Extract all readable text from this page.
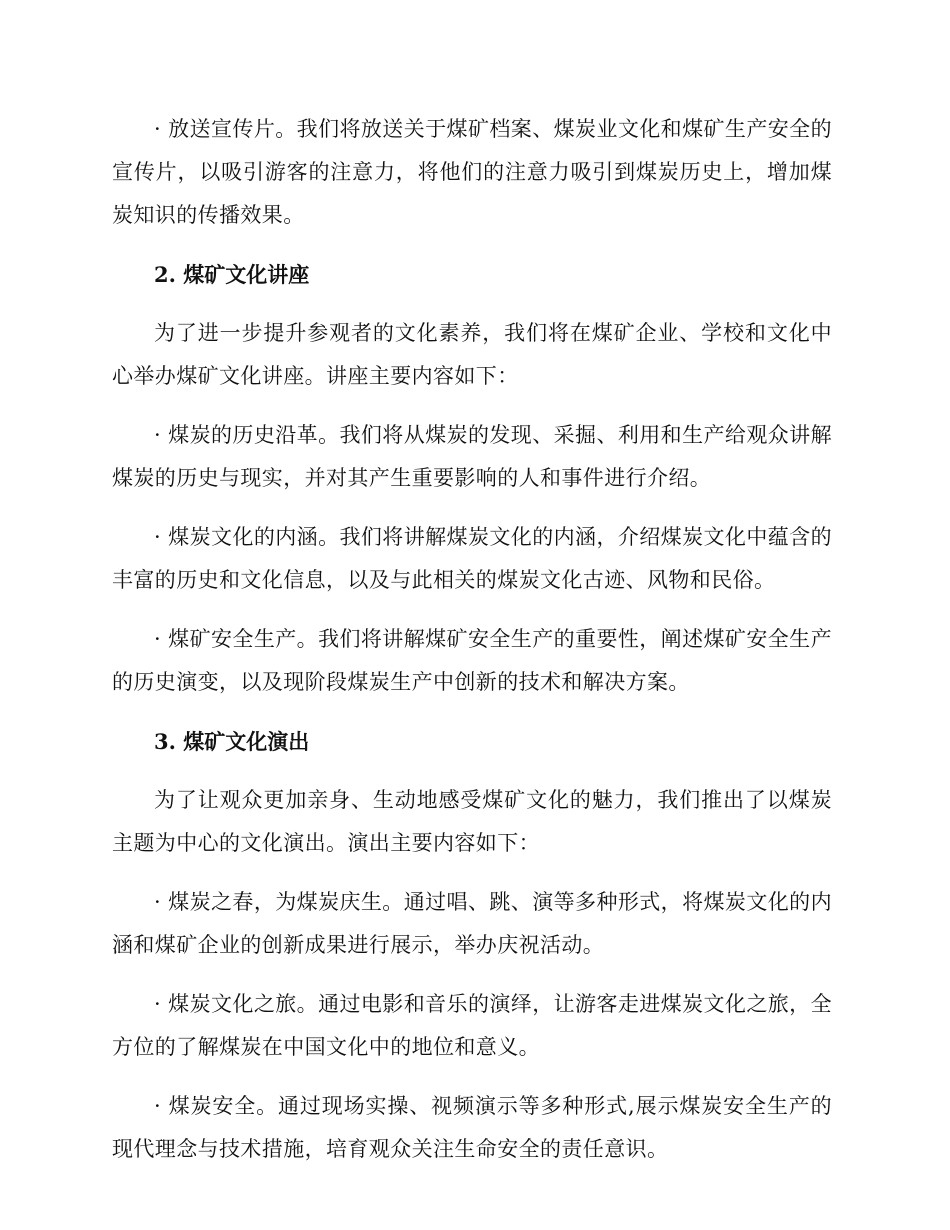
· 放送宣传片。我们将放送关于煤矿档案、煤炭业文化和煤矿生产安全的宣传片，以吸引游客的注意力，将他们的注意力吸引到煤炭历史上，增加煤炭知识的传播效果。

2. 煤矿文化讲座

为了进一步提升参观者的文化素养，我们将在煤矿企业、学校和文化中心举办煤矿文化讲座。讲座主要内容如下：

· 煤炭的历史沿革。我们将从煤炭的发现、采掘、利用和生产给观众讲解煤炭的历史与现实，并对其产生重要影响的人和事件进行介绍。

· 煤炭文化的内涵。我们将讲解煤炭文化的内涵，介绍煤炭文化中蕴含的丰富的历史和文化信息，以及与此相关的煤炭文化古迹、风物和民俗。

· 煤矿安全生产。我们将讲解煤矿安全生产的重要性，阐述煤矿安全生产的历史演变，以及现阶段煤炭生产中创新的技术和解决方案。

3. 煤矿文化演出

为了让观众更加亲身、生动地感受煤矿文化的魅力，我们推出了以煤炭主题为中心的文化演出。演出主要内容如下：

· 煤炭之春，为煤炭庆生。通过唱、跳、演等多种形式，将煤炭文化的内涵和煤矿企业的创新成果进行展示，举办庆祝活动。

· 煤炭文化之旅。通过电影和音乐的演绎，让游客走进煤炭文化之旅，全方位的了解煤炭在中国文化中的地位和意义。

· 煤炭安全。通过现场实操、视频演示等多种形式,展示煤炭安全生产的现代理念与技术措施，培育观众关注生命安全的责任意识。
